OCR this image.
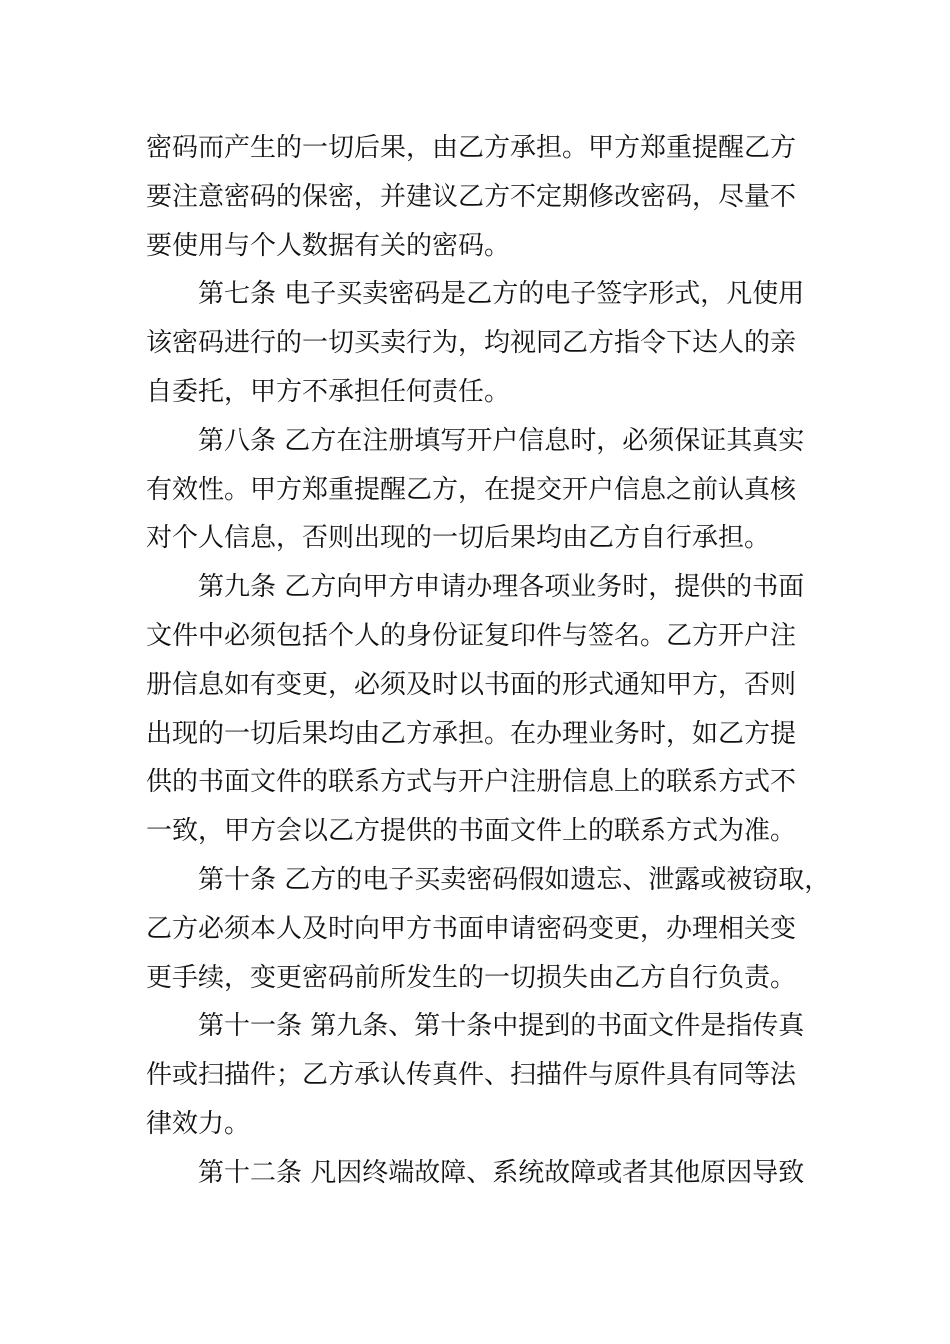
密码而产生的一切后果，由乙方承担。甲方郑重提醒乙方
要注意密码的保密，并建议乙方不定期修改密码，尽量不
要使用与个人数据有关的密码。
第七条 电子买卖密码是乙方的电子签字形式，凡使用
该密码进行的一切买卖行为，均视同乙方指令下达人的亲
自委托，甲方不承担任何责任。
第八条 乙方在注册填写开户信息时，必须保证其真实
有效性。甲方郑重提醒乙方，在提交开户信息之前认真核
对个人信息，否则出现的一切后果均由乙方自行承担。
第九条 乙方向甲方申请办理各项业务时，提供的书面
文件中必须包括个人的身份证复印件与签名。乙方开户注
册信息如有变更，必须及时以书面的形式通知甲方，否则
出现的一切后果均由乙方承担。在办理业务时，如乙方提
供的书面文件的联系方式与开户注册信息上的联系方式不
一致，甲方会以乙方提供的书面文件上的联系方式为准。
第十条 乙方的电子买卖密码假如遗忘、泄露或被窃取，
乙方必须本人及时向甲方书面申请密码变更，办理相关变
更手续，变更密码前所发生的一切损失由乙方自行负责。
第十一条 第九条、第十条中提到的书面文件是指传真
件或扫描件；乙方承认传真件、扫描件与原件具有同等法
律效力。
第十二条 凡因终端故障、系统故障或者其他原因导致
